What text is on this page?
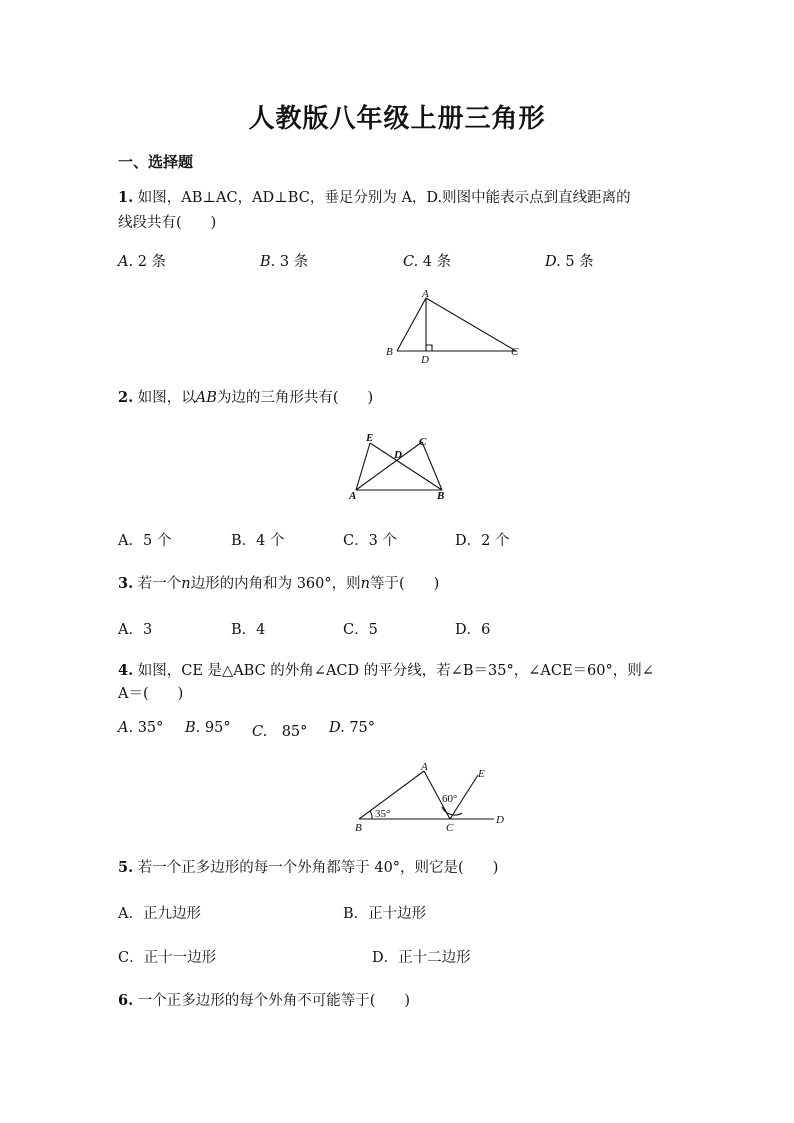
人教版八年级上册三角形
一、选择题
1. 如图，AB⊥AC，AD⊥BC，垂足分别为 A，D.则图中能表示点到直线距离的
线段共有(　　)
A. 2 条	B. 3 条	C. 4 条	D. 5 条
A
B	C
D
2. 如图，以AB为边的三角形共有(　　)
E	C
D
A	B
A．5 个	B．4 个	C．3 个	D．2 个
3. 若一个n边形的内角和为 360°，则n等于(　　)
A．3	B．4	C．5	D．6
4. 如图，CE 是△ABC 的外角∠ACD 的平分线，若∠B＝35°，∠ACE＝60°，则∠
A＝(　　)
A. 35° B. 95° C.　 85° D. 75°
35°
60°
A
B	C
D
E
5. 若一个正多边形的每一个外角都等于 40°，则它是(　　)
A．正九边形	B．正十边形
C．正十一边形	D．正十二边形
6. 一个正多边形的每个外角不可能等于(　　)
